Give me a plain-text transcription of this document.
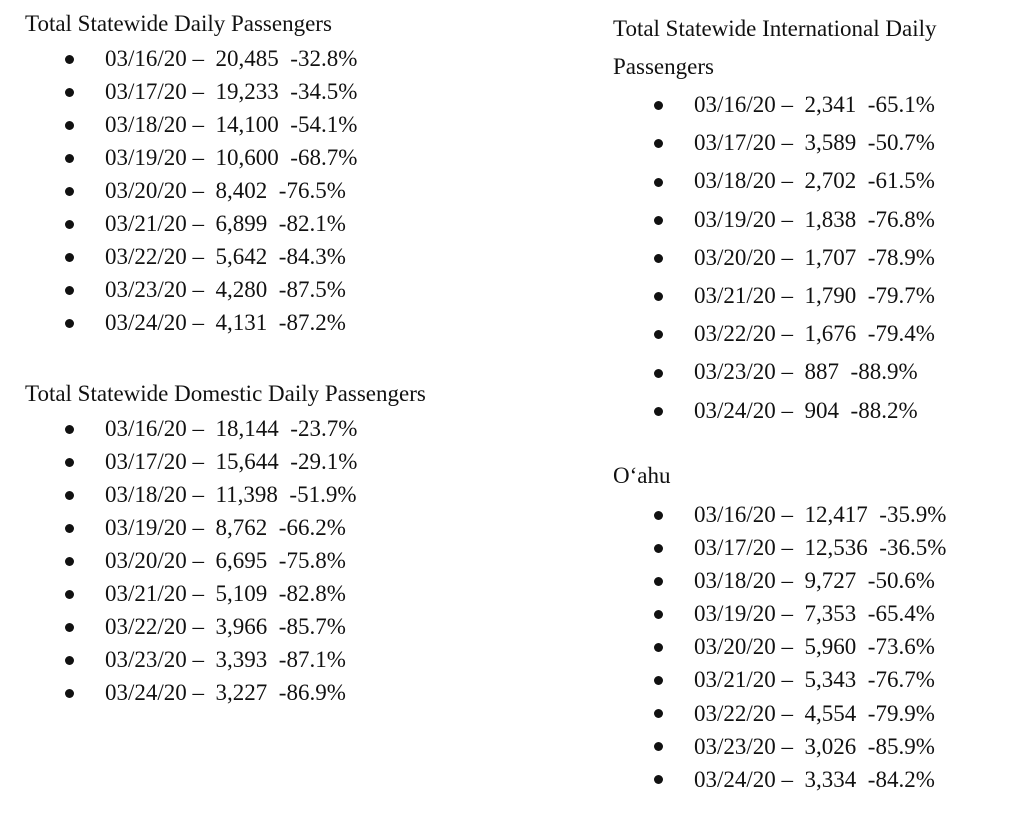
Total Statewide Daily Passengers
03/16/20 –  20,485  -32.8%
03/17/20 –  19,233  -34.5%
03/18/20 –  14,100  -54.1%
03/19/20 –  10,600  -68.7%
03/20/20 –  8,402  -76.5%
03/21/20 –  6,899  -82.1%
03/22/20 –  5,642  -84.3%
03/23/20 –  4,280  -87.5%
03/24/20 –  4,131  -87.2%
Total Statewide Domestic Daily Passengers
03/16/20 –  18,144  -23.7%
03/17/20 –  15,644  -29.1%
03/18/20 –  11,398  -51.9%
03/19/20 –  8,762  -66.2%
03/20/20 –  6,695  -75.8%
03/21/20 –  5,109  -82.8%
03/22/20 –  3,966  -85.7%
03/23/20 –  3,393  -87.1%
03/24/20 –  3,227  -86.9%
Total Statewide International Daily
Passengers
03/16/20 –  2,341  -65.1%
03/17/20 –  3,589  -50.7%
03/18/20 –  2,702  -61.5%
03/19/20 –  1,838  -76.8%
03/20/20 –  1,707  -78.9%
03/21/20 –  1,790  -79.7%
03/22/20 –  1,676  -79.4%
03/23/20 –  887  -88.9%
03/24/20 –  904  -88.2%
O‘ahu
03/16/20 –  12,417  -35.9%
03/17/20 –  12,536  -36.5%
03/18/20 –  9,727  -50.6%
03/19/20 –  7,353  -65.4%
03/20/20 –  5,960  -73.6%
03/21/20 –  5,343  -76.7%
03/22/20 –  4,554  -79.9%
03/23/20 –  3,026  -85.9%
03/24/20 –  3,334  -84.2%
